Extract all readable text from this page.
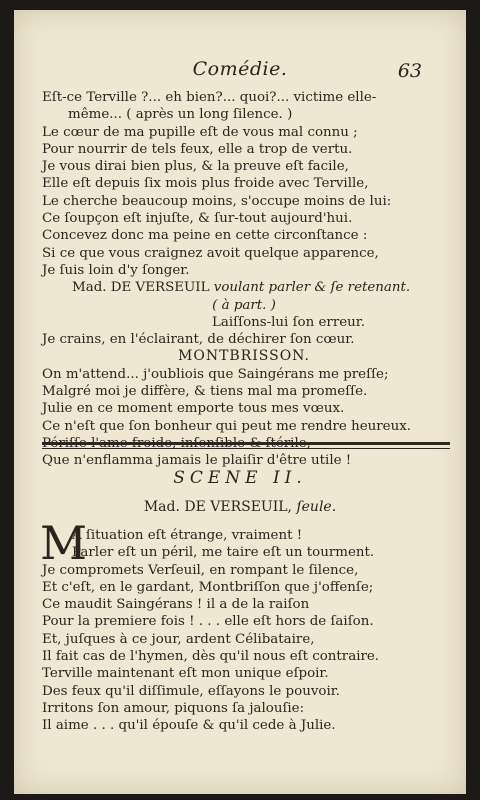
Comédie.	63
Eſt-ce Terville ?... eh bien?... quoi?... victime elle-
même... ( après un long ſilence. )
Le cœur de ma pupille eſt de vous mal connu ;
Pour nourrir de tels feux, elle a trop de vertu.
Je vous dirai bien plus, & la preuve eſt facile,
Elle eſt depuis ſix mois plus froide avec Terville,
Le cherche beaucoup moins, s'occupe moins de lui:
Ce ſoupçon eſt injuſte, & ſur-tout aujourd'hui.
Concevez donc ma peine en cette circonſtance :
Si ce que vous craignez avoit quelque apparence,
Je ſuis loin d'y ſonger.
Mad. DE VERSEUIL voulant parler & ſe retenant.
( à part. )
Laiſſons-lui ſon erreur.
Je crains, en l'éclairant, de déchirer ſon cœur.
MONTBRISSON.
On m'attend... j'oubliois que Saingérans me preſſe;
Malgré moi je diffère, & tiens mal ma promeſſe.
Julie en ce moment emporte tous mes vœux.
Ce n'eſt que ſon bonheur qui peut me rendre heureux.
Que n'enflamma jamais le plaiſir d'être utile !
SCENE II.
Mad. DE VERSEUIL, ſeule.
M
A ſituation eſt étrange, vraiment !
Parler eſt un péril, me taire eſt un tourment.
Je compromets Verſeuil, en rompant le ſilence,
Et c'eſt, en le gardant, Montbriſſon que j'offenſe;
Ce maudit Saingérans ! il a de la raiſon
Pour la premiere fois ! . . . elle eſt hors de ſaiſon.
Et, juſques à ce jour, ardent Célibataire,
Il fait cas de l'hymen, dès qu'il nous eſt contraire.
Terville maintenant eſt mon unique eſpoir.
Des feux qu'il diſſimule, eſſayons le pouvoir.
Irritons ſon amour, piquons ſa jalouſie:
Il aime . . . qu'il épouſe & qu'il cede à Julie.
